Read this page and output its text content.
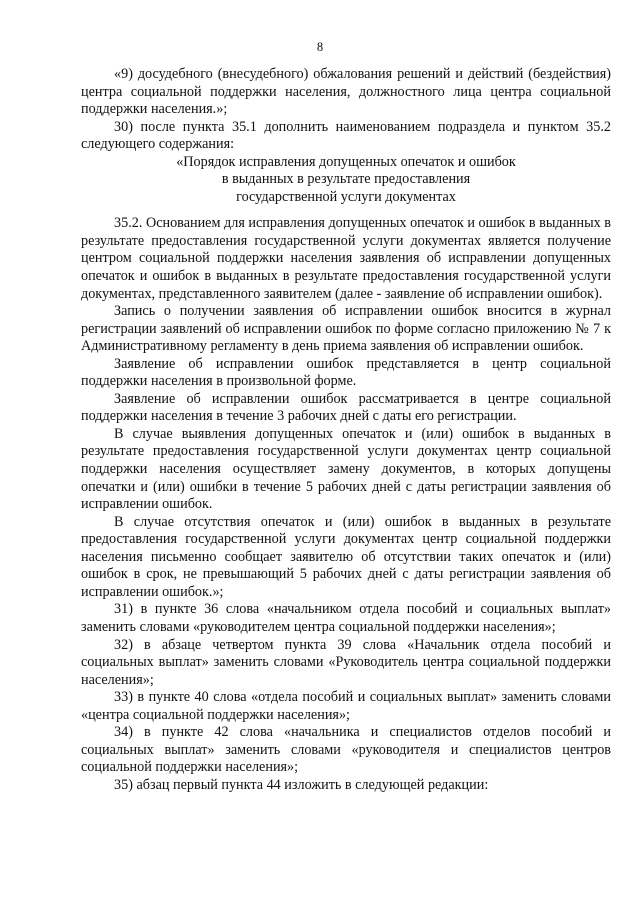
8

«9) досудебного (внесудебного) обжалования решений и действий (бездействия) центра социальной поддержки населения, должностного лица центра социальной поддержки населения.»;

30) после пункта 35.1 дополнить наименованием подраздела и пунктом 35.2 следующего содержания:

«Порядок исправления допущенных опечаток и ошибок

в выданных в результате предоставления

государственной услуги документах

35.2. Основанием для исправления допущенных опечаток и ошибок в выданных в результате предоставления государственной услуги документах является получение центром социальной поддержки населения заявления об исправлении допущенных опечаток и ошибок в выданных в результате предоставления государственной услуги документах, представленного заявителем (далее - заявление об исправлении ошибок).

Запись о получении заявления об исправлении ошибок вносится в журнал регистрации заявлений об исправлении ошибок по форме согласно приложению № 7 к Административному регламенту в день приема заявления об исправлении ошибок.

Заявление об исправлении ошибок представляется в центр социальной поддержки населения в произвольной форме.

Заявление об исправлении ошибок рассматривается в центре социальной поддержки населения в течение 3 рабочих дней с даты его регистрации.

В случае выявления допущенных опечаток и (или) ошибок в выданных в результате предоставления государственной услуги документах центр социальной поддержки населения осуществляет замену документов, в которых допущены опечатки и (или) ошибки в течение 5 рабочих дней с даты регистрации заявления об исправлении ошибок.

В случае отсутствия опечаток и (или) ошибок в выданных в результате предоставления государственной услуги документах центр социальной поддержки населения письменно сообщает заявителю об отсутствии таких опечаток и (или) ошибок в срок, не превышающий 5 рабочих дней с даты регистрации заявления об исправлении ошибок.»;

31) в пункте 36 слова «начальником отдела пособий и социальных выплат» заменить словами «руководителем центра социальной поддержки населения»;

32) в абзаце четвертом пункта 39 слова «Начальник отдела пособий и социальных выплат» заменить словами «Руководитель центра социальной поддержки населения»;

33) в пункте 40 слова «отдела пособий и социальных выплат» заменить словами «центра социальной поддержки населения»;

34) в пункте 42 слова «начальника и специалистов отделов пособий и социальных выплат» заменить словами «руководителя и специалистов центров социальной поддержки населения»;

35) абзац первый пункта 44 изложить в следующей редакции:
